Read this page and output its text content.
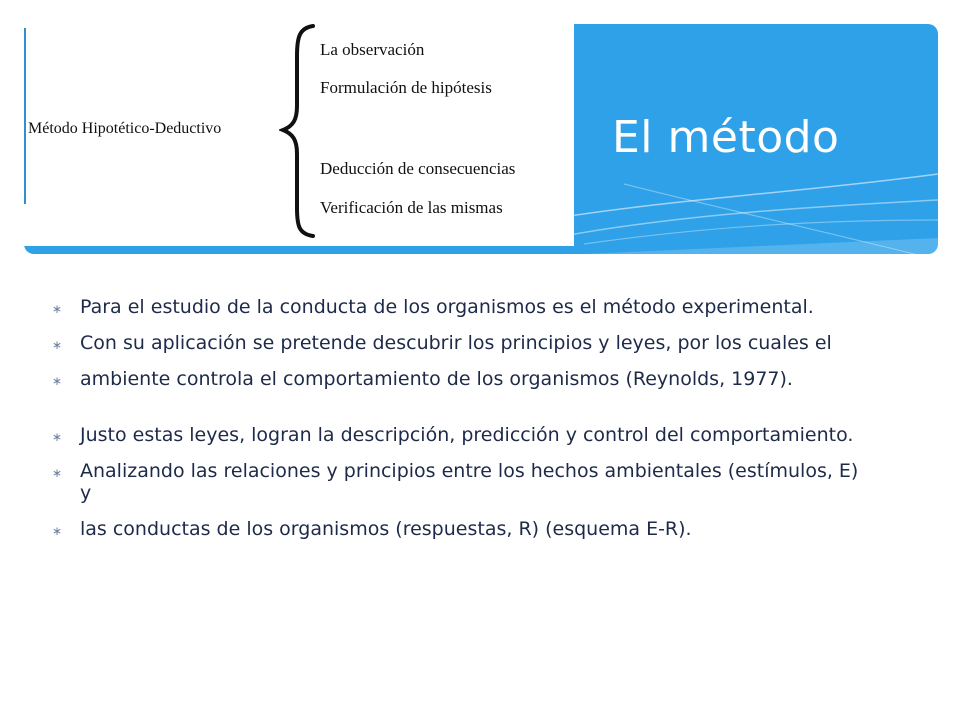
El método
Método Hipotético-Deductivo
La observación
Formulación de hipótesis
Deducción de consecuencias
Verificación de las mismas
∗ Para el estudio de la conducta de los organismos es el método experimental.
∗ Con su aplicación se pretende descubrir los principios y leyes, por los cuales el
∗ ambiente controla el comportamiento de los organismos (Reynolds, 1977).
∗ Justo estas leyes, logran la descripción, predicción y control del comportamiento.
∗ Analizando las relaciones y principios entre los hechos ambientales (estímulos, E) y
∗ las conductas de los organismos (respuestas, R) (esquema E-R).
